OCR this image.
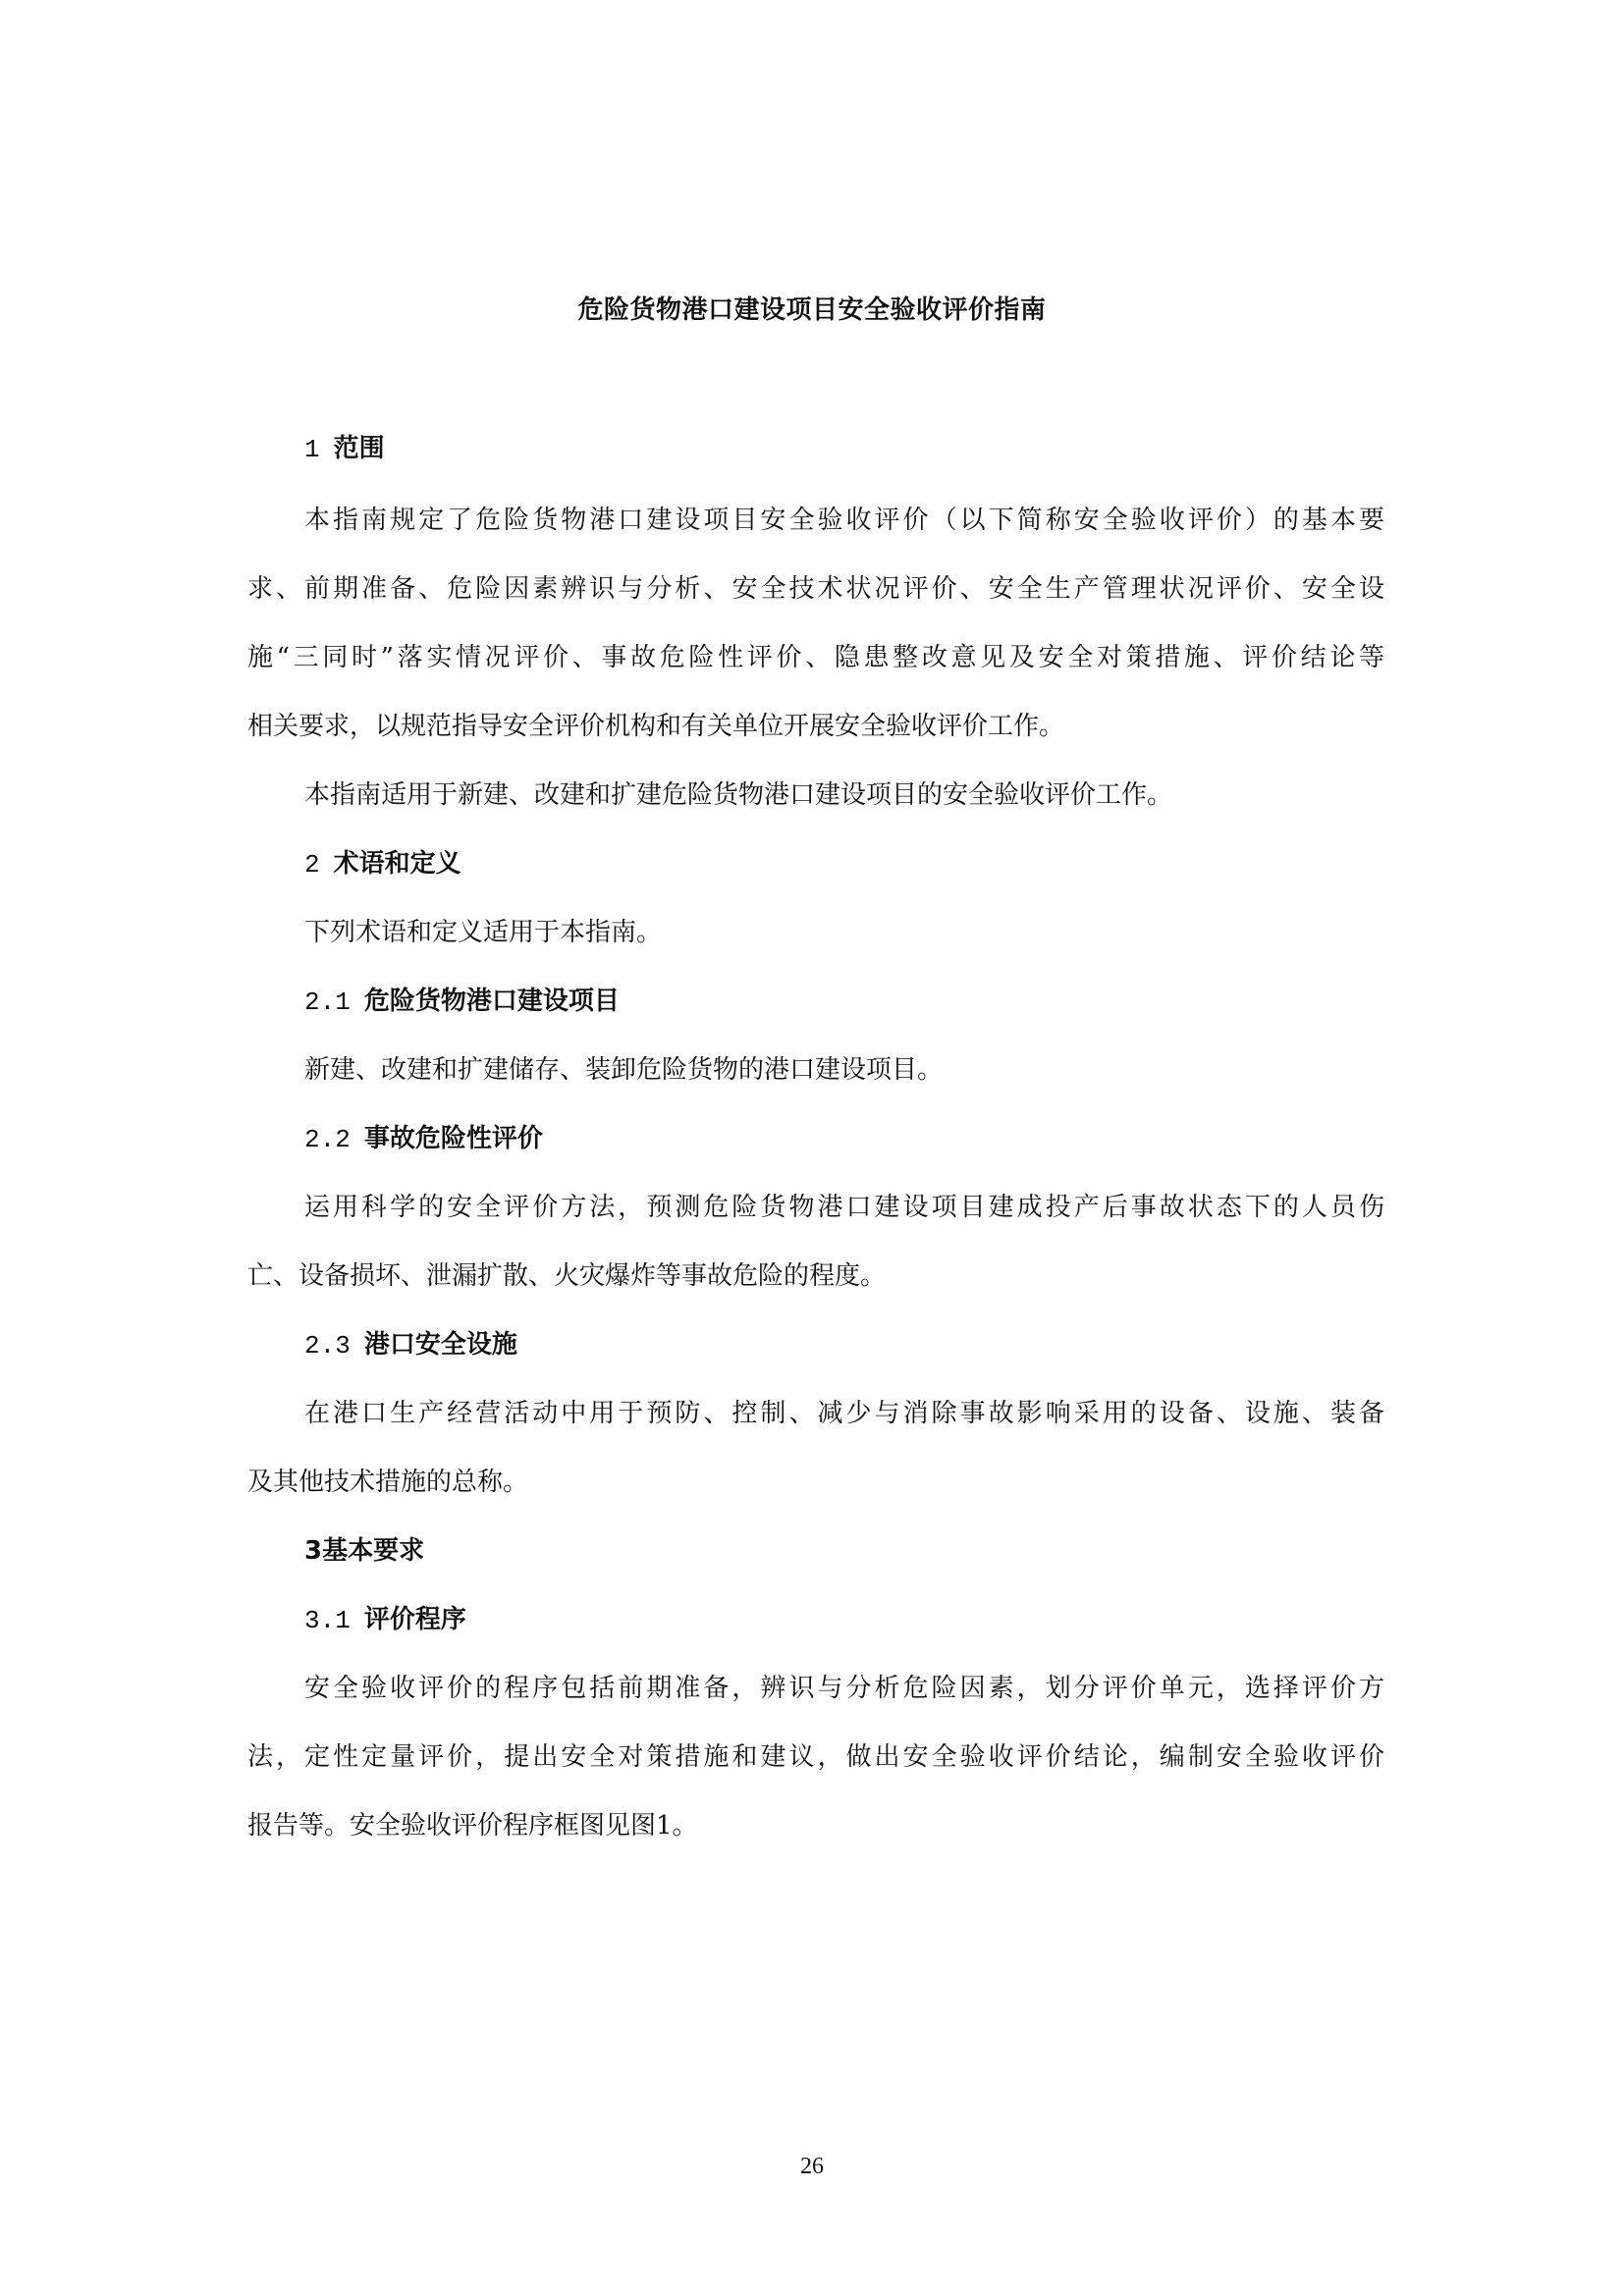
危险货物港口建设项目安全验收评价指南
1 范围

本指南规定了危险货物港口建设项目安全验收评价（以下简称安全验收评价）的基本要

求、前期准备、危险因素辨识与分析、安全技术状况评价、安全生产管理状况评价、安全设

施“三同时”落实情况评价、事故危险性评价、隐患整改意见及安全对策措施、评价结论等

相关要求，以规范指导安全评价机构和有关单位开展安全验收评价工作。

本指南适用于新建、改建和扩建危险货物港口建设项目的安全验收评价工作。

2 术语和定义

下列术语和定义适用于本指南。

2.1 危险货物港口建设项目

新建、改建和扩建储存、装卸危险货物的港口建设项目。

2.2 事故危险性评价

运用科学的安全评价方法，预测危险货物港口建设项目建成投产后事故状态下的人员伤

亡、设备损坏、泄漏扩散、火灾爆炸等事故危险的程度。

2.3 港口安全设施

在港口生产经营活动中用于预防、控制、减少与消除事故影响采用的设备、设施、装备

及其他技术措施的总称。

3基本要求
3.1 评价程序

安全验收评价的程序包括前期准备，辨识与分析危险因素，划分评价单元，选择评价方

法，定性定量评价，提出安全对策措施和建议，做出安全验收评价结论，编制安全验收评价

报告等。安全验收评价程序框图见图1。

26
